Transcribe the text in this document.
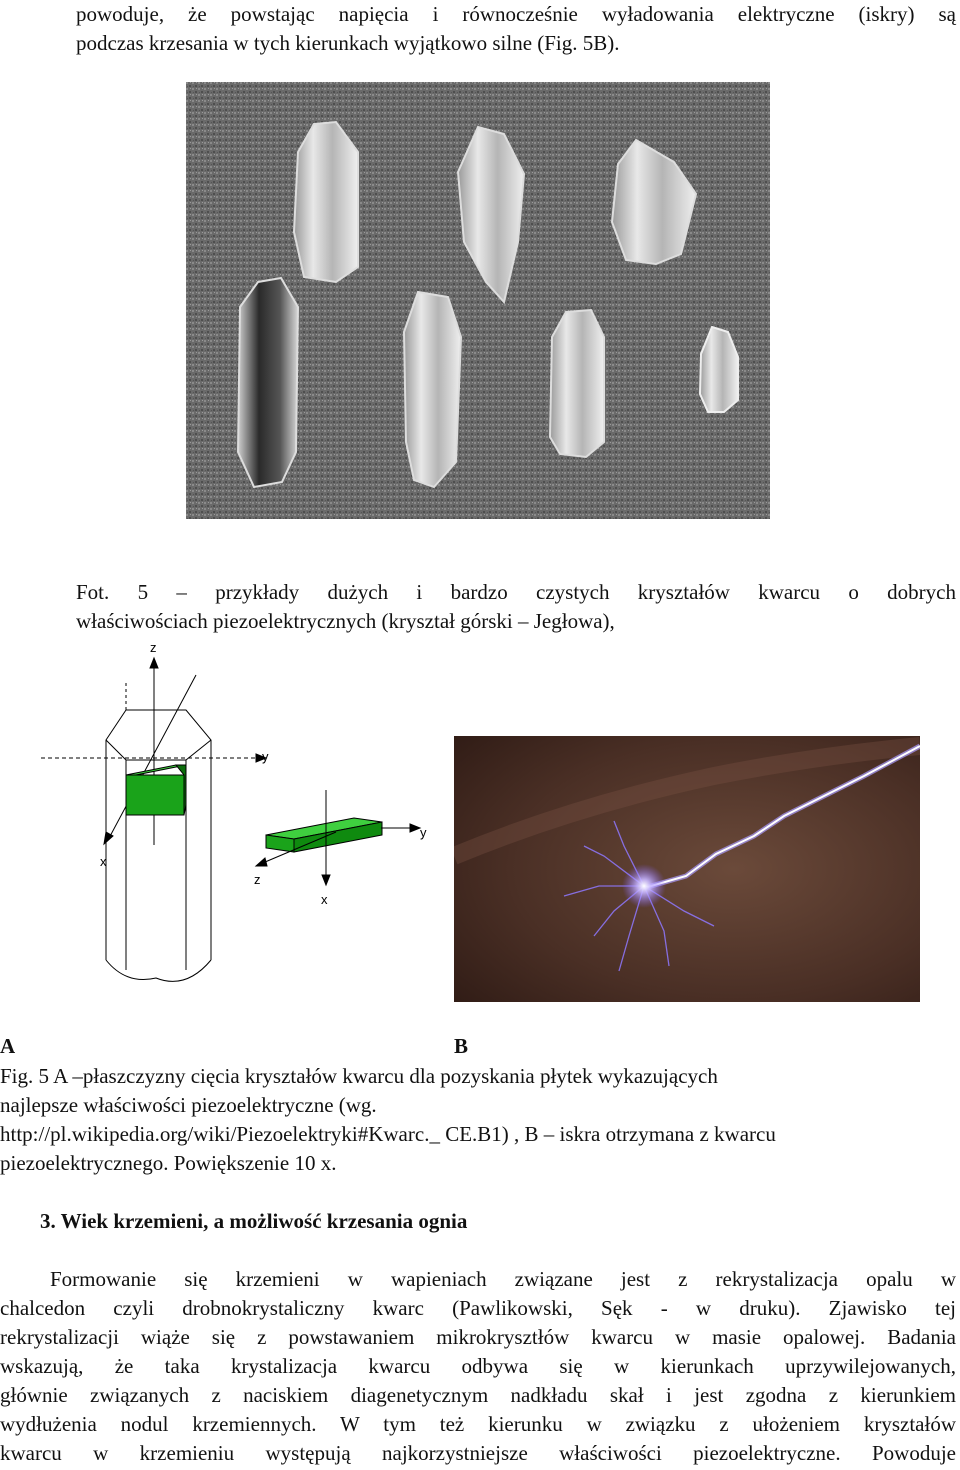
powoduje, że powstając napięcia i równocześnie wyładowania elektryczne (iskry) są
podczas krzesania w tych kierunkach wyjątkowo silne (Fig. 5B).
Fot. 5 – przykłady dużych i bardzo czystych kryształów kwarcu o dobrych
właściwościach piezoelektrycznych (kryształ górski – Jegłowa),
z
y
x
y
z
x
A	B
Fig. 5 A –płaszczyzny cięcia kryształów kwarcu dla pozyskania płytek wykazujących
najlepsze właściwości piezoelektryczne (wg.
http://pl.wikipedia.org/wiki/Piezoelektryki#Kwarc._ CE.B1) , B – iskra otrzymana z kwarcu
piezoelektrycznego. Powiększenie 10 x.
3. Wiek krzemieni, a możliwość krzesania ognia
Formowanie się krzemieni w wapieniach związane jest z rekrystalizacja opalu w
chalcedon czyli drobnokrystaliczny kwarc (Pawlikowski, Sęk - w druku). Zjawisko tej
rekrystalizacji wiąże się z powstawaniem mikrokrysztłów kwarcu w masie opalowej. Badania
wskazują, że taka krystalizacja kwarcu odbywa się w kierunkach uprzywilejowanych,
głównie związanych z naciskiem diagenetycznym nadkładu skał i jest zgodna z kierunkiem
wydłużenia nodul krzemiennych. W tym też kierunku w związku z ułożeniem kryształów
kwarcu w krzemieniu występują najkorzystniejsze właściwości piezoelektryczne. Powoduje
